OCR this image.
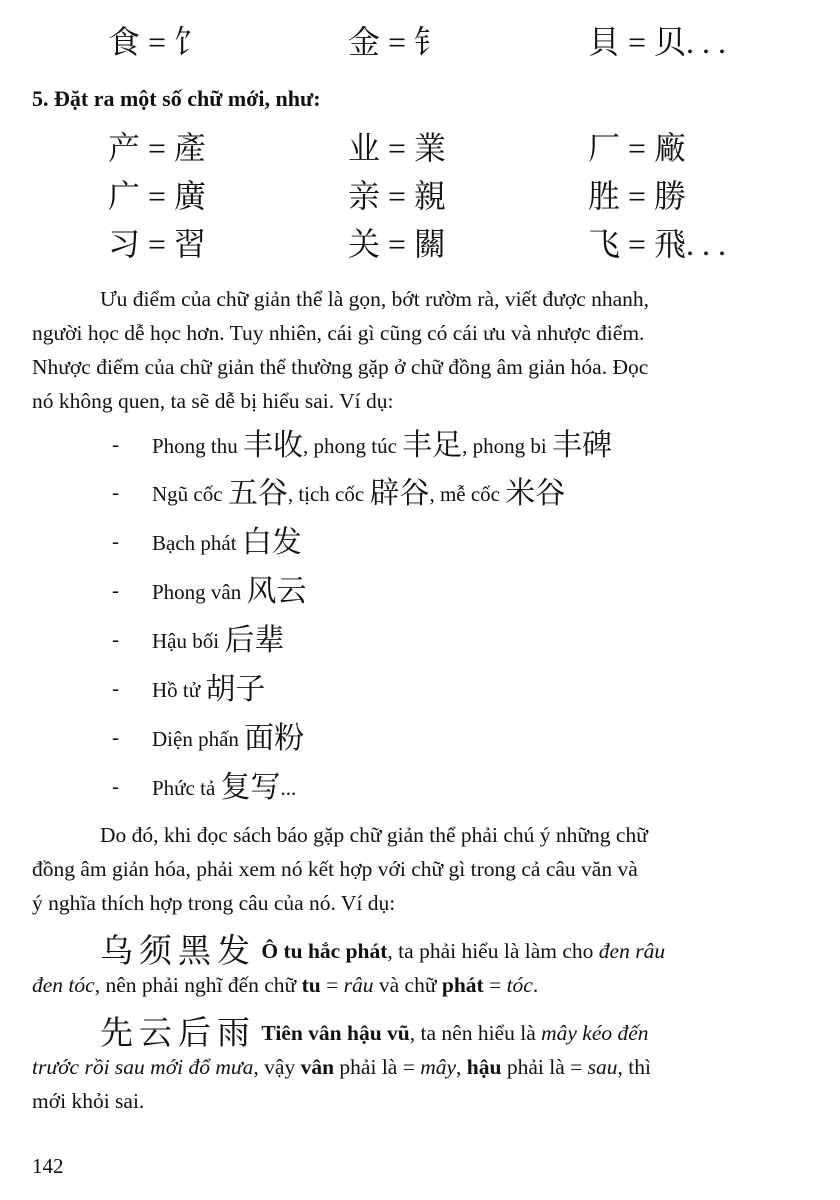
食 = 饣	金 = 钅	貝 = 贝. . .
5. Đặt ra một số chữ mới, như:
产 = 產	业 = 業	厂 = 廠
广 = 廣	亲 = 親	胜 = 勝
习 = 習	关 = 關	飞 = 飛. . .
Ưu điểm của chữ giản thể là gọn, bớt rườm rà, viết được nhanh,
người học dễ học hơn. Tuy nhiên, cái gì cũng có cái ưu và nhược điểm.
Nhược điểm của chữ giản thể thường gặp ở chữ đồng âm giản hóa. Đọc
nó không quen, ta sẽ dễ bị hiểu sai. Ví dụ:
- Phong thu 丰收, phong túc 丰足, phong bi 丰碑
- Ngũ cốc 五谷, tịch cốc 辟谷, mễ cốc 米谷
- Bạch phát 白发
- Phong vân 风云
- Hậu bối 后辈
- Hồ tử 胡子
- Diện phấn 面粉
- Phức tả 复写...
Do đó, khi đọc sách báo gặp chữ giản thể phải chú ý những chữ
đồng âm giản hóa, phải xem nó kết hợp với chữ gì trong cả câu văn và
ý nghĩa thích hợp trong câu của nó. Ví dụ:
乌须黑发 Ô tu hắc phát, ta phải hiểu là làm cho đen râu
đen tóc, nên phải nghĩ đến chữ tu = râu và chữ phát = tóc.
先云后雨 Tiên vân hậu vũ, ta nên hiểu là mây kéo đến
trước rồi sau mới đổ mưa, vậy vân phải là = mây, hậu phải là = sau, thì
mới khỏi sai.
142
